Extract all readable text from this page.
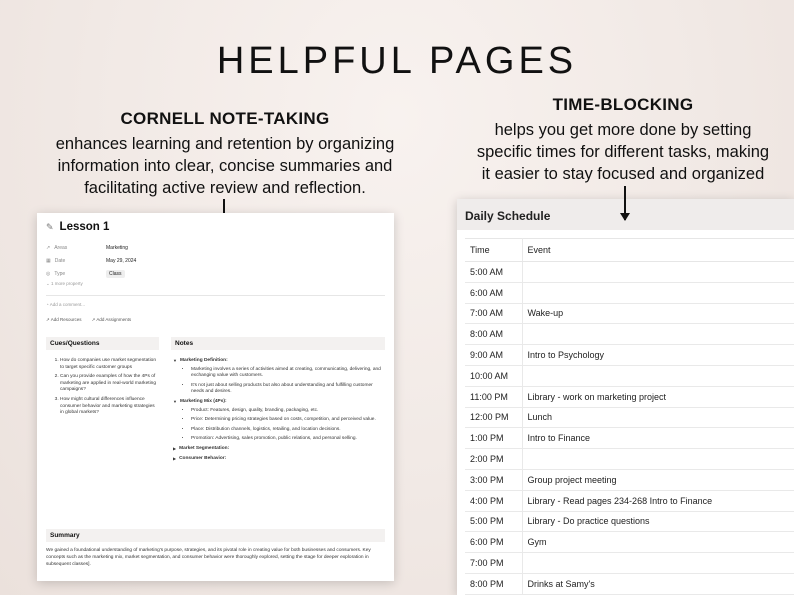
HELPFUL PAGES
CORNELL NOTE-TAKING
enhances learning and retention by organizing
information into clear, concise summaries and
facilitating active review and reflection.
TIME-BLOCKING
helps you get more done by setting
specific times for different tasks, making
it easier to stay focused and organized
✎ Lesson 1
↗ Areas	Marketing
▦ Date	May 29, 2024
◎ Type	Class
⌄ 1 more property
◔ Add a comment...
↗ Add Resources ↗ Add Assignments
Cues/Questions
1. How do companies use market segmentation to target specific customer groups
2. Can you provide examples of how the 4Ps of marketing are applied in real-world marketing campaigns?
3. How might cultural differences influence consumer behavior and marketing strategies in global markets?
Notes
▼ Marketing Definition:
• Marketing involves a series of activities aimed at creating, communicating, delivering, and exchanging value with customers.
• It's not just about selling products but also about understanding and fulfilling customer needs and desires.
▼ Marketing Mix (4Ps):
• Product: Features, design, quality, branding, packaging, etc.
• Price: Determining pricing strategies based on costs, competition, and perceived value.
• Place: Distribution channels, logistics, retailing, and location decisions.
• Promotion: Advertising, sales promotion, public relations, and personal selling.
▶ Market Segmentation:
▶ Consumer Behavior:
Summary
We gained a foundational understanding of marketing's purpose, strategies, and its pivotal role in creating value for both businesses and consumers. Key concepts such as the marketing mix, market segmentation, and consumer behavior were thoroughly explored, setting the stage for deeper exploration in subsequent classes].
Daily Schedule
Time	Event
5:00 AM	
6:00 AM	
7:00 AM	Wake-up
8:00 AM	
9:00 AM	Intro to Psychology
10:00 AM	
11:00 PM	Library - work on marketing project
12:00 PM	Lunch
1:00 PM	Intro to Finance
2:00 PM	
3:00 PM	Group project meeting
4:00 PM	Library - Read pages 234-268 Intro to Finance
5:00 PM	Library - Do practice questions
6:00 PM	Gym
7:00 PM	
8:00 PM	Drinks at Samy's
